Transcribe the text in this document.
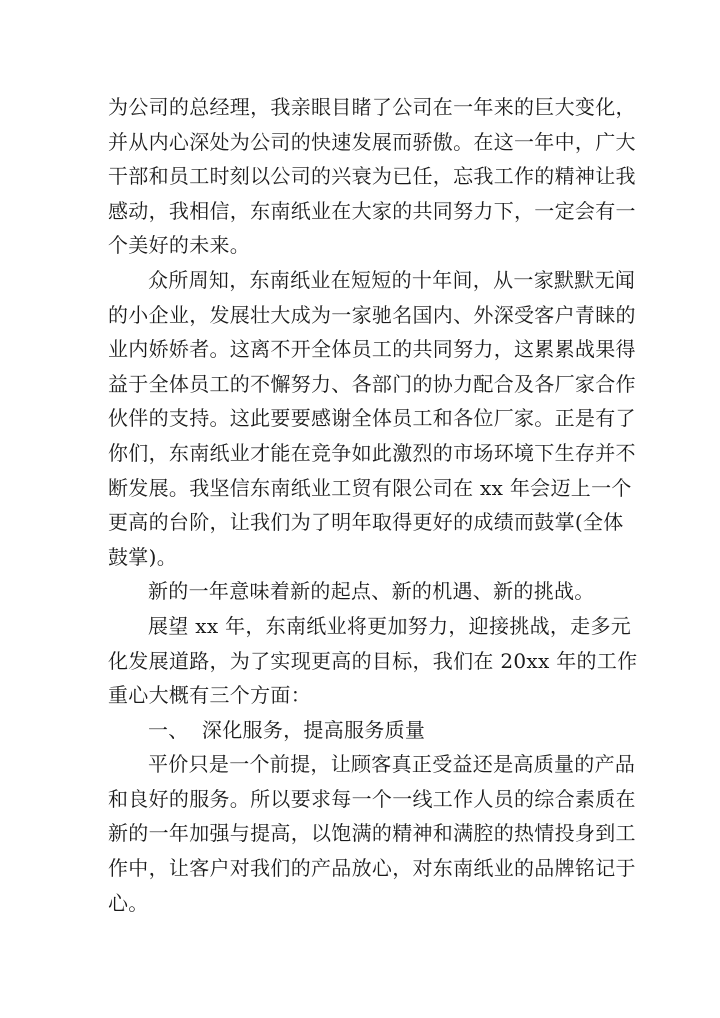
为公司的总经理，我亲眼目睹了公司在一年来的巨大变化，
并从内心深处为公司的快速发展而骄傲。在这一年中，广大
干部和员工时刻以公司的兴衰为已任，忘我工作的精神让我
感动，我相信，东南纸业在大家的共同努力下，一定会有一
个美好的未来。
众所周知，东南纸业在短短的十年间，从一家默默无闻
的小企业，发展壮大成为一家驰名国内、外深受客户青睐的
业内娇娇者。这离不开全体员工的共同努力，这累累战果得
益于全体员工的不懈努力、各部门的协力配合及各厂家合作
伙伴的支持。这此要要感谢全体员工和各位厂家。正是有了
你们，东南纸业才能在竞争如此激烈的市场环境下生存并不
断发展。我坚信东南纸业工贸有限公司在 xx 年会迈上一个
更高的台阶，让我们为了明年取得更好的成绩而鼓掌(全体
鼓掌)。
新的一年意味着新的起点、新的机遇、新的挑战。
展望 xx 年，东南纸业将更加努力，迎接挑战，走多元
化发展道路，为了实现更高的目标，我们在 20xx 年的工作
重心大概有三个方面：
一、  深化服务，提高服务质量
平价只是一个前提，让顾客真正受益还是高质量的产品
和良好的服务。所以要求每一个一线工作人员的综合素质在
新的一年加强与提高，以饱满的精神和满腔的热情投身到工
作中，让客户对我们的产品放心，对东南纸业的品牌铭记于
心。
